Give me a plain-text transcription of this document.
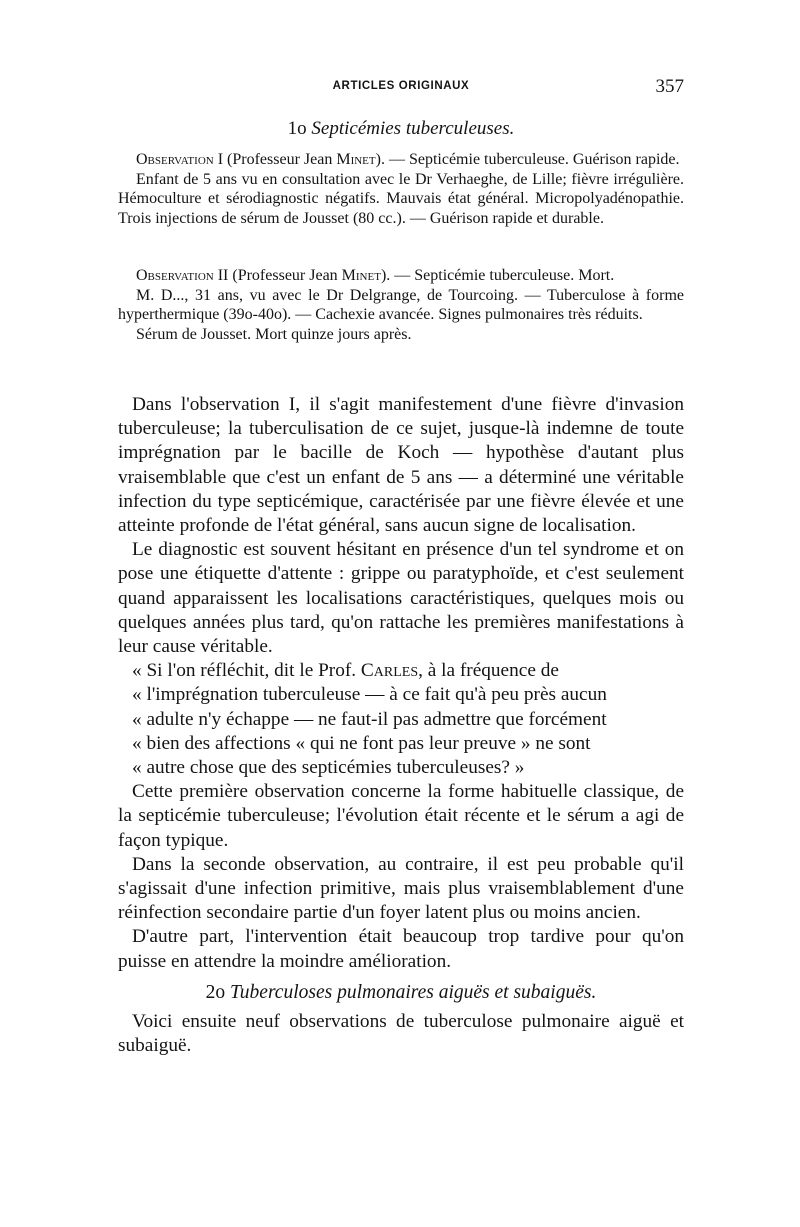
ARTICLES ORIGINAUX	357

1o Septicémies tuberculeuses.

Observation I (Professeur Jean Minet). — Septicémie tuberculeuse. Guérison rapide.

Enfant de 5 ans vu en consultation avec le Dr Verhaeghe, de Lille; fièvre irrégulière. Hémoculture et sérodiagnostic négatifs. Mauvais état général. Micropolyadénopathie. Trois injections de sérum de Jousset (80 cc.). — Guérison rapide et durable.

Observation II (Professeur Jean Minet). — Septicémie tuberculeuse. Mort.

M. D..., 31 ans, vu avec le Dr Delgrange, de Tourcoing. — Tuberculose à forme hyperthermique (39o-40o). — Cachexie avancée. Signes pulmonaires très réduits.

Sérum de Jousset. Mort quinze jours après.

Dans l'observation I, il s'agit manifestement d'une fièvre d'invasion tuberculeuse; la tuberculisation de ce sujet, jusque-là indemne de toute imprégnation par le bacille de Koch — hypothèse d'autant plus vraisemblable que c'est un enfant de 5 ans — a déterminé une véritable infection du type septicémique, caractérisée par une fièvre élevée et une atteinte profonde de l'état général, sans aucun signe de localisation.

Le diagnostic est souvent hésitant en présence d'un tel syndrome et on pose une étiquette d'attente : grippe ou paratyphoïde, et c'est seulement quand apparaissent les localisations caractéristiques, quelques mois ou quelques années plus tard, qu'on rattache les premières manifestations à leur cause véritable.

« Si l'on réfléchit, dit le Prof. Carles, à la fréquence de
« l'imprégnation tuberculeuse — à ce fait qu'à peu près aucun
« adulte n'y échappe — ne faut-il pas admettre que forcément
« bien des affections « qui ne font pas leur preuve » ne sont
« autre chose que des septicémies tuberculeuses? »

Cette première observation concerne la forme habituelle classique, de la septicémie tuberculeuse; l'évolution était récente et le sérum a agi de façon typique.

Dans la seconde observation, au contraire, il est peu probable qu'il s'agissait d'une infection primitive, mais plus vraisemblablement d'une réinfection secondaire partie d'un foyer latent plus ou moins ancien.

D'autre part, l'intervention était beaucoup trop tardive pour qu'on puisse en attendre la moindre amélioration.

2o Tuberculoses pulmonaires aiguës et subaiguës.

Voici ensuite neuf observations de tuberculose pulmonaire aiguë et subaiguë.
